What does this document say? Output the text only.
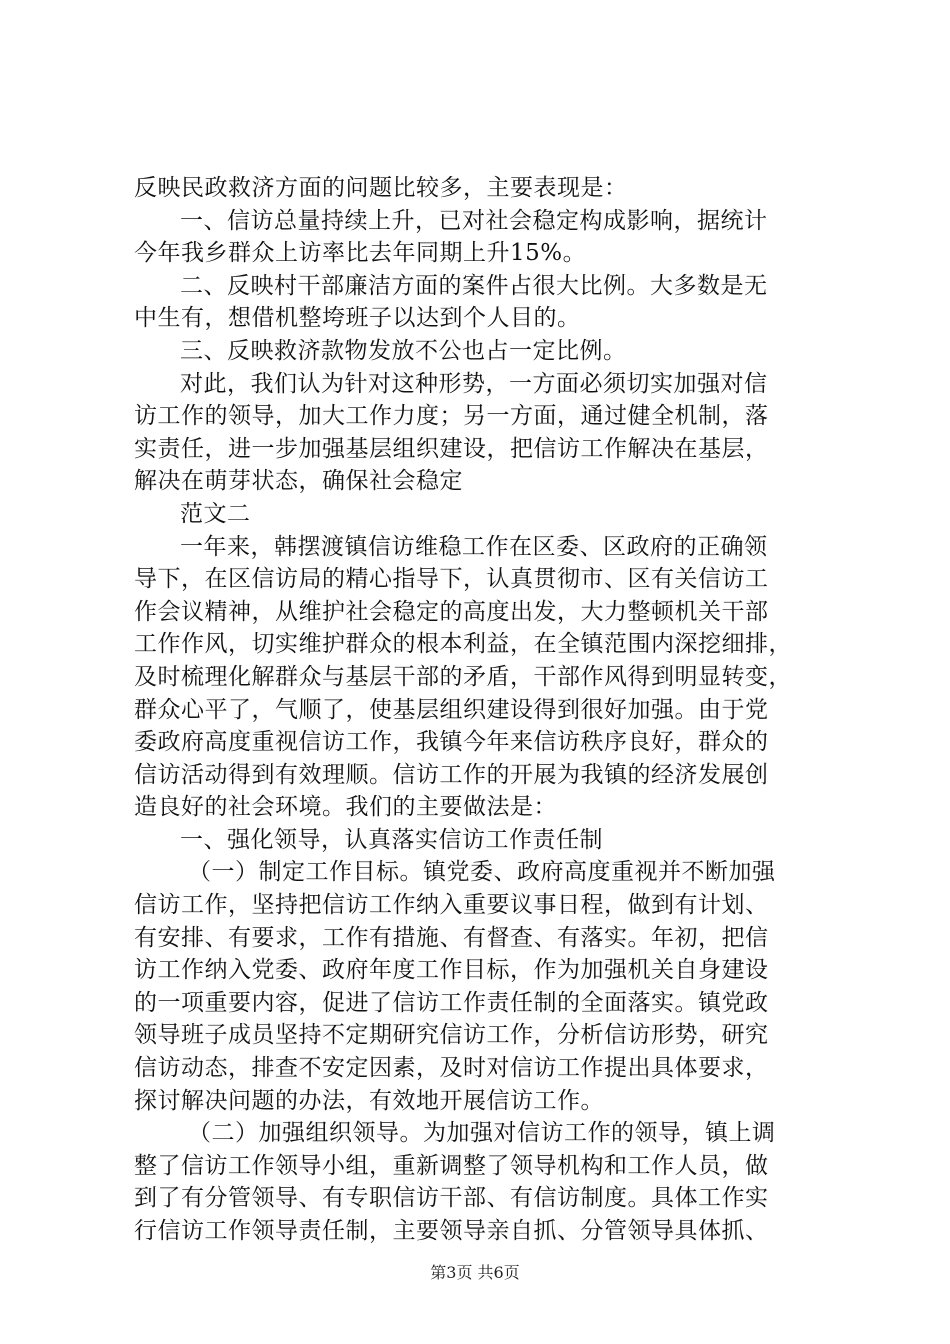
反映民政救济方面的问题比较多，主要表现是：
一、信访总量持续上升，已对社会稳定构成影响，据统计
今年我乡群众上访率比去年同期上升15%。
二、反映村干部廉洁方面的案件占很大比例。大多数是无
中生有，想借机整垮班子以达到个人目的。
三、反映救济款物发放不公也占一定比例。
对此，我们认为针对这种形势，一方面必须切实加强对信
访工作的领导，加大工作力度；另一方面，通过健全机制，落
实责任，进一步加强基层组织建设，把信访工作解决在基层，
解决在萌芽状态，确保社会稳定
范文二
一年来，韩摆渡镇信访维稳工作在区委、区政府的正确领
导下，在区信访局的精心指导下，认真贯彻市、区有关信访工
作会议精神，从维护社会稳定的高度出发，大力整顿机关干部
工作作风，切实维护群众的根本利益，在全镇范围内深挖细排，
及时梳理化解群众与基层干部的矛盾，干部作风得到明显转变，
群众心平了，气顺了，使基层组织建设得到很好加强。由于党
委政府高度重视信访工作，我镇今年来信访秩序良好，群众的
信访活动得到有效理顺。信访工作的开展为我镇的经济发展创
造良好的社会环境。我们的主要做法是：
一、强化领导，认真落实信访工作责任制
（一）制定工作目标。镇党委、政府高度重视并不断加强
信访工作，坚持把信访工作纳入重要议事日程，做到有计划、
有安排、有要求，工作有措施、有督查、有落实。年初，把信
访工作纳入党委、政府年度工作目标，作为加强机关自身建设
的一项重要内容，促进了信访工作责任制的全面落实。镇党政
领导班子成员坚持不定期研究信访工作，分析信访形势，研究
信访动态，排查不安定因素，及时对信访工作提出具体要求，
探讨解决问题的办法，有效地开展信访工作。
（二）加强组织领导。为加强对信访工作的领导，镇上调
整了信访工作领导小组，重新调整了领导机构和工作人员，做
到了有分管领导、有专职信访干部、有信访制度。具体工作实
行信访工作领导责任制，主要领导亲自抓、分管领导具体抓、
第3页 共6页
